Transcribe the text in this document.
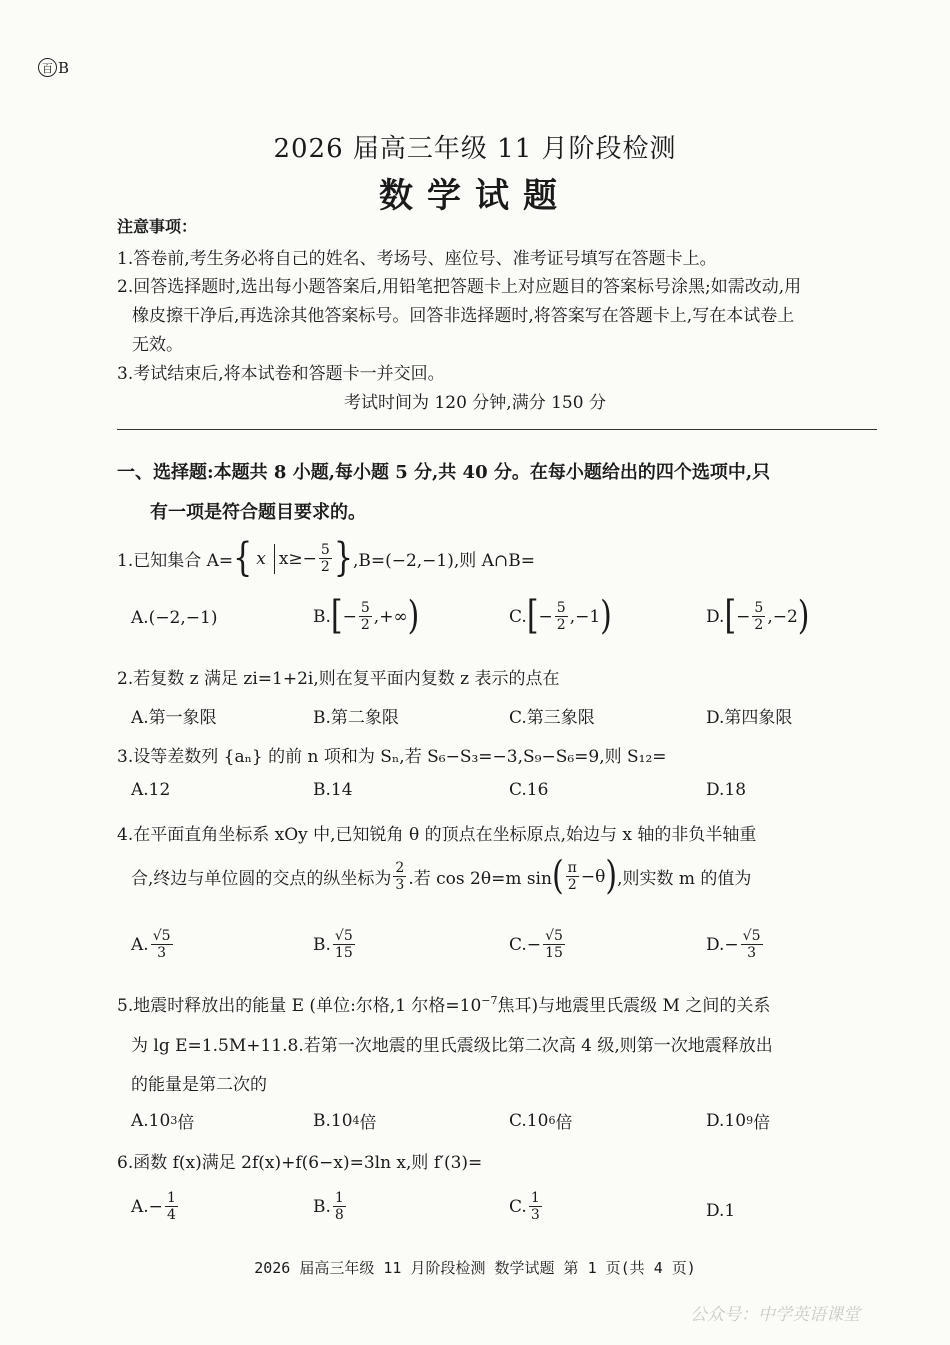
百 B
2026 届高三年级 11 月阶段检测
数学试题
注意事项：
1.答卷前,考生务必将自己的姓名、考场号、座位号、准考证号填写在答题卡上。
2.回答选择题时,选出每小题答案后,用铅笔把答题卡上对应题目的答案标号涂黑;如需改动,用
橡皮擦干净后,再选涂其他答案标号。回答非选择题时,将答案写在答题卡上,写在本试卷上
无效。
3.考试结束后,将本试卷和答题卡一并交回。
考试时间为 120 分钟,满分 150 分
一、选择题:本题共 8 小题,每小题 5 分,共 40 分。在每小题给出的四个选项中,只
有一项是符合题目要求的。
1.已知集合 A= { x $x\ge- \frac{5}{2}$ } ,B=(−2,−1),则 A∩B=
A.(−2,−1)	B. [ − $\frac{5}{2}$ ,+∞ )	C. [ − $\frac{5}{2} ,-1$ )	D. [ − $\frac{5}{2} ,-2$ )
2.若复数 z 满足 zi=1+2i,则在复平面内复数 z 表示的点在
A.第一象限	B.第二象限	C.第三象限	D.第四象限
3.设等差数列 {aₙ} 的前 n 项和为 Sₙ,若 S₆−S₃=−3,S₉−S₆=9,则 S₁₂=
A.12	B.14	C.16	D.18
4.在平面直角坐标系 xOy 中,已知锐角 θ 的顶点在坐标原点,始边与 x 轴的非负半轴重
合,终边与单位圆的交点的纵坐标为 $\frac{2}{3}$ .若 cos 2θ=m sin ( $\frac{\pi}{2} -\theta$ ) ,则实数 m 的值为
A. $\frac{√5}{3}$	B. $\frac{√5}{15}$	$C.- \frac{√5}{15}$	$D.- \frac{√5}{3}$
5.地震时释放出的能量 E (单位:尔格,1 尔格$=10^{-7}$焦耳)与地震里氏震级 M 之间的关系
为 lg E=1.5M+11.8.若第一次地震的里氏震级比第二次高 4 级,则第一次地震释放出
的能量是第二次的
A.10 3 倍	B.10 4 倍	C.10 6 倍	D.10 9 倍
6.函数 f(x)满足 2f(x)+f(6−x)=3ln x,则 f′(3)=
$A.- \frac{1}{4}$	B. $\frac{1}{8}$	C. $\frac{1}{3}$	D.1
2026 届高三年级 11 月阶段检测 数学试题 第 1 页(共 4 页)
公众号：中学英语课堂
